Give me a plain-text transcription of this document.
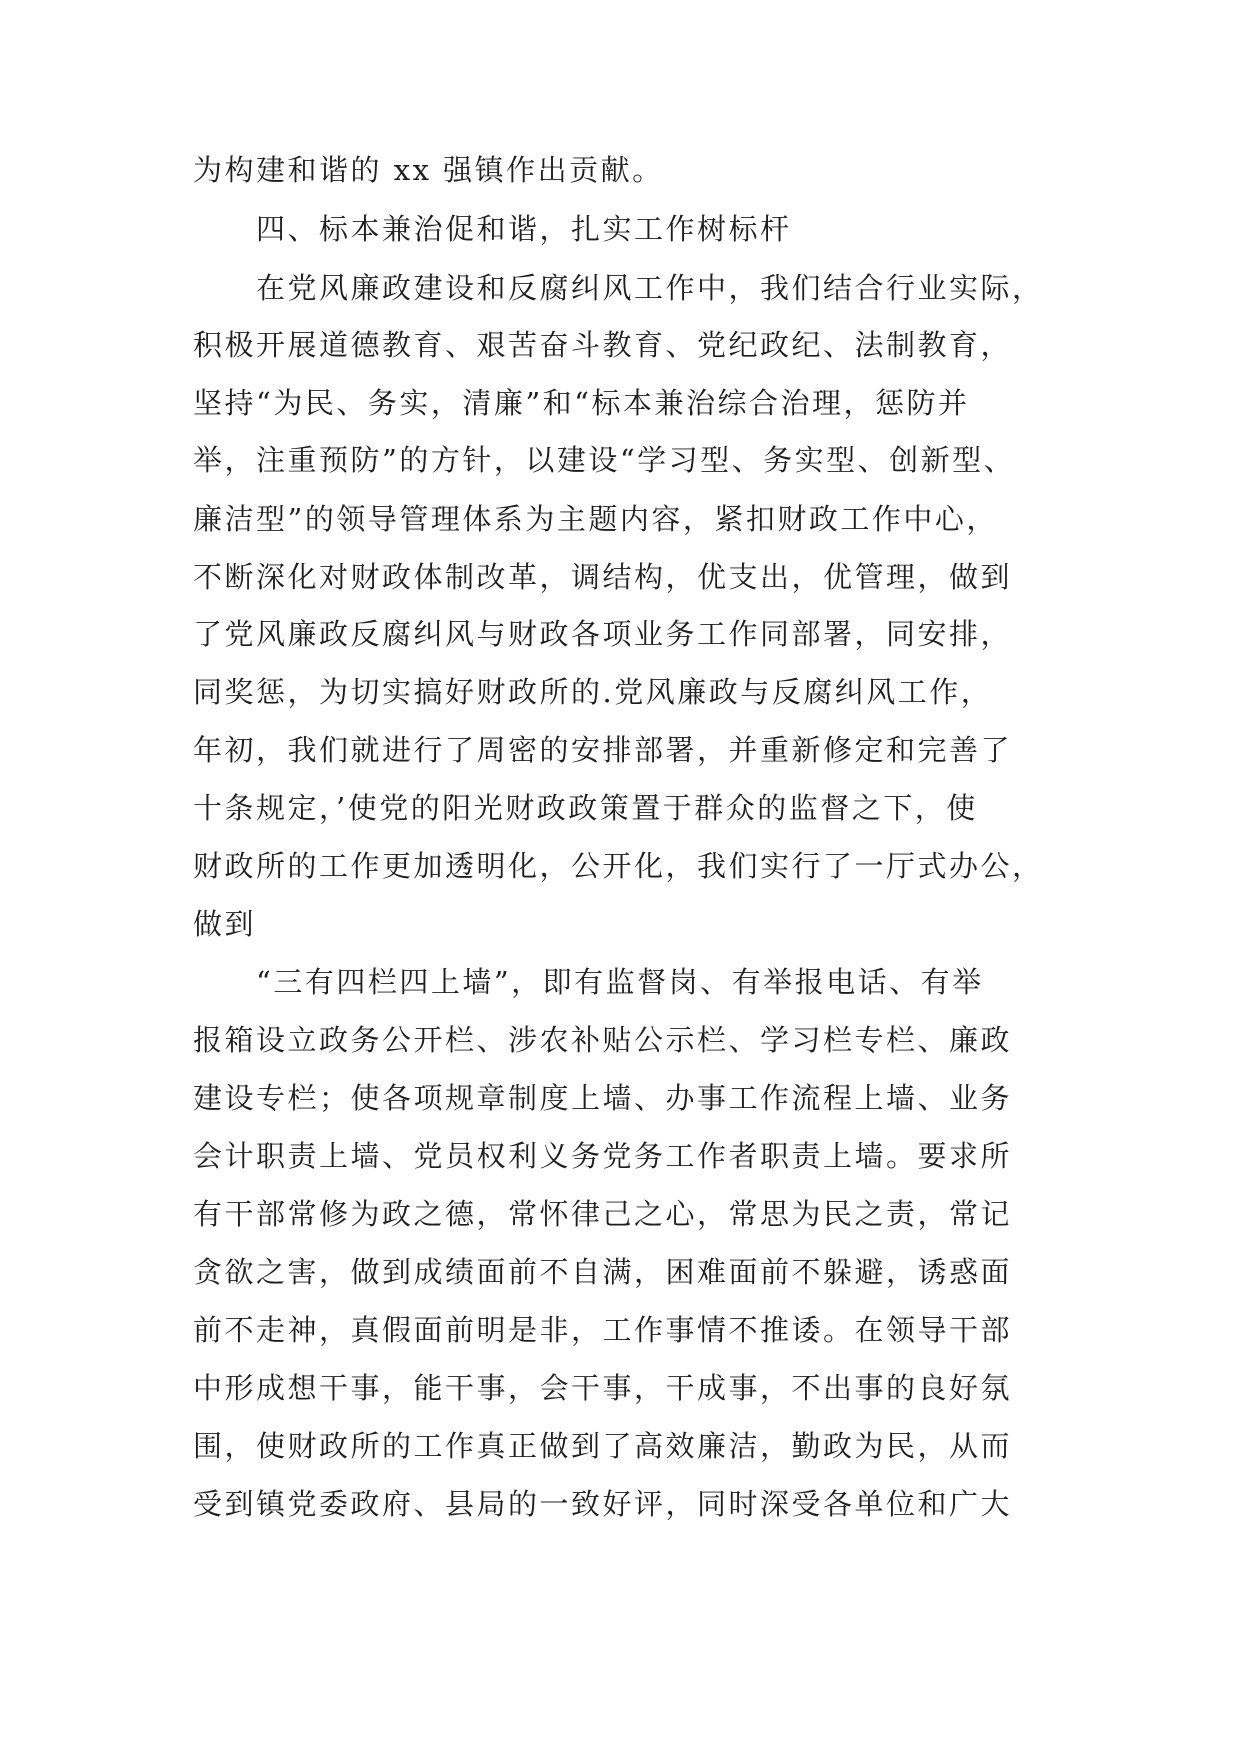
为构建和谐的 xx 强镇作出贡献。
四、标本兼治促和谐，扎实工作树标杆
在党风廉政建设和反腐纠风工作中，我们结合行业实际，
积极开展道德教育、艰苦奋斗教育、党纪政纪、法制教育，
坚持“为民、务实，清廉”和“标本兼治综合治理，惩防并
举，注重预防”的方针，以建设“学习型、务实型、创新型、
廉洁型”的领导管理体系为主题内容，紧扣财政工作中心，
不断深化对财政体制改革，调结构，优支出，优管理，做到
了党风廉政反腐纠风与财政各项业务工作同部署，同安排，
同奖惩，为切实搞好财政所的.党风廉政与反腐纠风工作，
年初，我们就进行了周密的安排部署，并重新修定和完善了
十条规定，’使党的阳光财政政策置于群众的监督之下，使
财政所的工作更加透明化，公开化，我们实行了一厅式办公，
做到
“三有四栏四上墙”，即有监督岗、有举报电话、有举
报箱设立政务公开栏、涉农补贴公示栏、学习栏专栏、廉政
建设专栏；使各项规章制度上墙、办事工作流程上墙、业务
会计职责上墙、党员权利义务党务工作者职责上墙。要求所
有干部常修为政之德，常怀律己之心，常思为民之责，常记
贪欲之害，做到成绩面前不自满，困难面前不躲避，诱惑面
前不走神，真假面前明是非，工作事情不推诿。在领导干部
中形成想干事，能干事，会干事，干成事，不出事的良好氛
围，使财政所的工作真正做到了高效廉洁，勤政为民，从而
受到镇党委政府、县局的一致好评，同时深受各单位和广大
